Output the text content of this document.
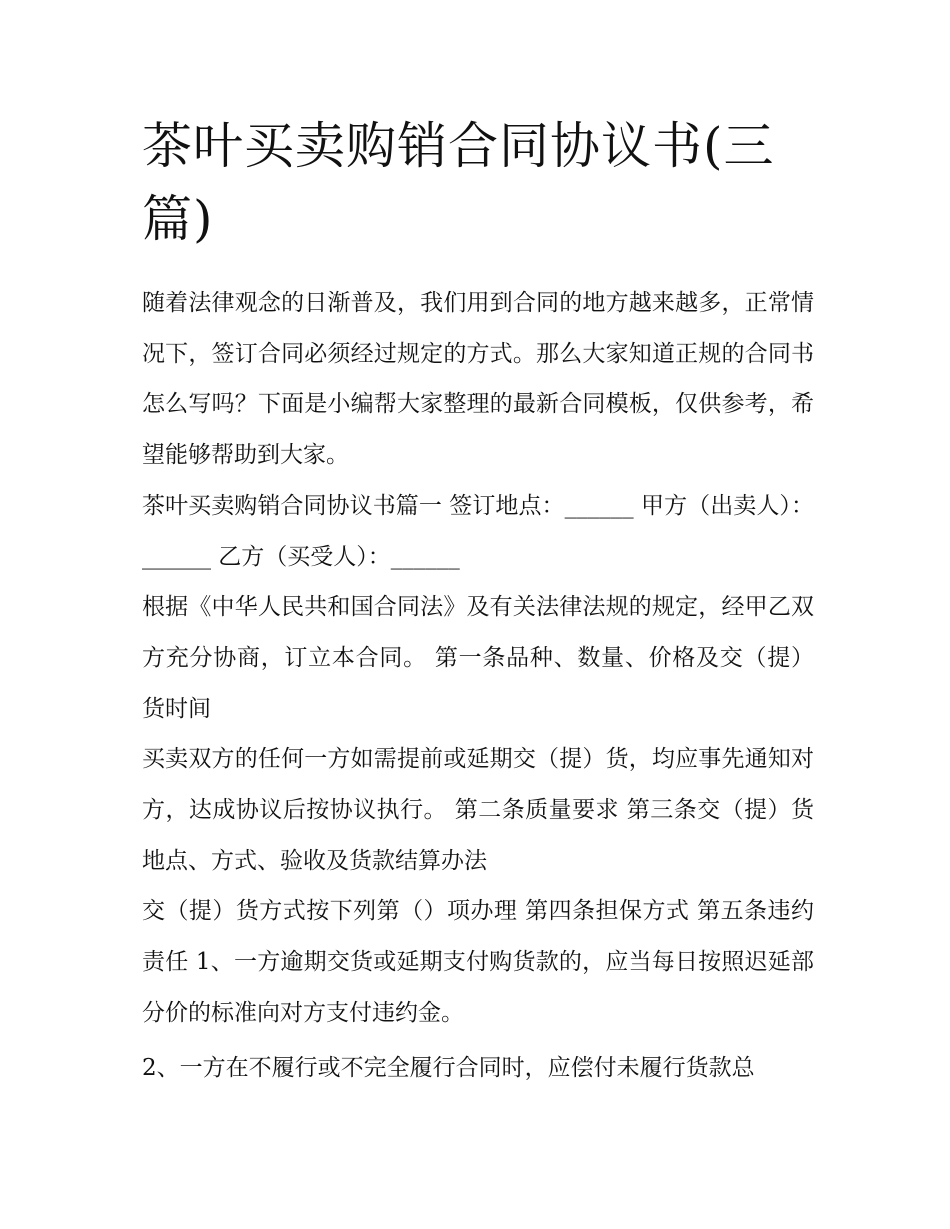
茶叶买卖购销合同协议书(三篇)

随着法律观念的日渐普及，我们用到合同的地方越来越多，正常情况下，签订合同必须经过规定的方式。那么大家知道正规的合同书怎么写吗？下面是小编帮大家整理的最新合同模板，仅供参考，希望能够帮助到大家。

茶叶买卖购销合同协议书篇一 签订地点：______ 甲方（出卖人）：______ 乙方（买受人）：______

根据《中华人民共和国合同法》及有关法律法规的规定，经甲乙双方充分协商，订立本合同。 第一条品种、数量、价格及交（提）货时间

买卖双方的任何一方如需提前或延期交（提）货，均应事先通知对方，达成协议后按协议执行。 第二条质量要求 第三条交（提）货地点、方式、验收及货款结算办法

交（提）货方式按下列第（）项办理 第四条担保方式 第五条违约责任 1、一方逾期交货或延期支付购货款的，应当每日按照迟延部分价的标准向对方支付违约金。

2、一方在不履行或不完全履行合同时，应偿付未履行货款总
